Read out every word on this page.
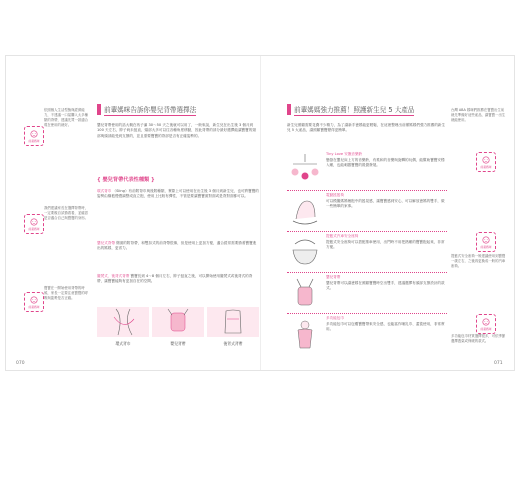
前輩媽咪
依照個人生活型態與經濟能力，不建議一口氣購入太多種類的背帶，建議先買一款適合現在使用的就好。
前輩媽咪
我們建議家長在選擇背帶時，一定要親自試揹看看，並確認是否適合自己與寶寶的身形。
前輩媽咪
寶寶在一開始使用背帶的時候，家長一定要注意寶寶的呼吸與姿勢是否正確。
前輩媽咪告訴你嬰兒背帶選擇法
嬰兒背帶使用的話大概在孩子滿 30～50 天之後就可以用了，一般來說，新生兒在出生後 3 個月到 100 天左右，脖子尚未挺直，頭部大多可以往各種角度移動，因此背帶的部分最好選擇能讓寶寶的頸部與頭部能受到支撐的，並且需要寶寶的背部是否有正確姿勢的。
{ 嬰兒背帶代表性種類 }
環式背巾 （Sling）有前附背巾與後附種類，實際上可以使用在出生後 3 個月到新生兒，也可將寶寶的姿勢由橫抱慢慢調整成直立抱，使用上比較有彈性，不管是要讓寶寶面對面或是背對面都可以。
嬰兒式背帶 側面的附背帶，和雙扣式的前背帶很像，但是使用上更加方便，適合經常需要揹著寶寶進出的媽媽，更省力。
腰凳式、後背式背帶 寶寶長到 4～8 個月左右，脖子挺直之後，可以開始使用腰凳式或後背式的背帶，讓寶寶能夠有更加自在的空間。
環式背巾	嬰兒背帶	後背式背帶
070
前輩媽媽強力推薦！照護新生兒 5 大產品
新生兒照顧需要花費不少精力，為了讓新手爸媽能更輕鬆，在這裡整理出前輩媽媽們強力推薦的新生兒 5 大產品，讓照顧寶寶變得更簡單。
Tiny Love 安撫音樂鈴
懸掛在嬰兒床上方的音樂鈴，有柔和的音樂與旋轉的玩偶，能幫助寶寶安穩入睡，也能刺激寶寶的視覺發展。
電動搖搖椅
可以模擬媽媽懷抱中的搖晃感，讓寶寶感到安心，可以解放爸媽的雙手，做一些簡單的家事。
提籃式汽車安全座椅
提籃式安全座椅可以搭配推車使用，出門時不用把熟睡的寶寶抱起來，非常方便。
嬰兒背帶
嬰兒背帶可以讓爸媽在照顧寶寶時空出雙手，建議選擇有頭部支撐設計的款式。
多功能包巾
多功能包巾可以包覆寶寶帶來安全感，也能當作哺乳巾、蓋毯使用，非常實用。
前輩媽咪
台灣 ABA 媽咪們推薦在寶寶出生前就先準備好這些產品，讓寶寶一出生就能使用。
前輩媽咪
提籃式安全座椅一般建議使用到寶寶一歲左右，之後再更換成一般的汽車座椅。
前輩媽咪
多功能包巾材質選擇很多，可依季節選擇透氣或保暖的款式。
071
